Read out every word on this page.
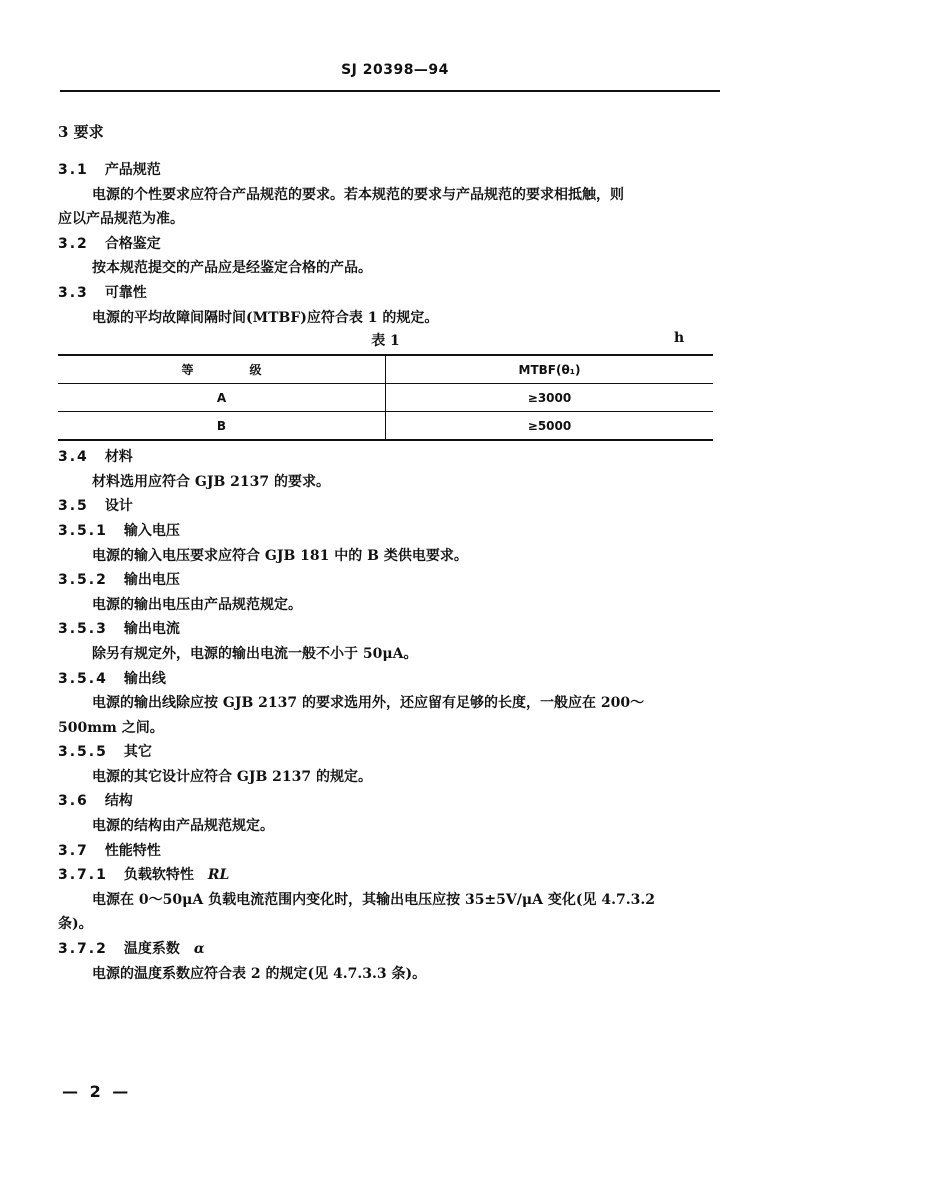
SJ 20398—94
3 要求
3.1 产品规范
电源的个性要求应符合产品规范的要求。若本规范的要求与产品规范的要求相抵触，则
应以产品规范为准。
3.2 合格鉴定
按本规范提交的产品应是经鉴定合格的产品。
3.3 可靠性
电源的平均故障间隔时间(MTBF)应符合表 1 的规定。
表 1	h
等 级	MTBF(θ₁)
A	≥3000
B	≥5000
3.4 材料
材料选用应符合 GJB 2137 的要求。
3.5 设计
3.5.1 输入电压
电源的输入电压要求应符合 GJB 181 中的 B 类供电要求。
3.5.2 输出电压
电源的输出电压由产品规范规定。
3.5.3 输出电流
除另有规定外，电源的输出电流一般不小于 50μA。
3.5.4 输出线
电源的输出线除应按 GJB 2137 的要求选用外，还应留有足够的长度，一般应在 200～
500mm 之间。
3.5.5 其它
电源的其它设计应符合 GJB 2137 的规定。
3.6 结构
电源的结构由产品规范规定。
3.7 性能特性
3.7.1 负载软特性 RL
电源在 0～50μA 负载电流范围内变化时，其输出电压应按 35±5V/μA 变化(见 4.7.3.2
条)。
3.7.2 温度系数 α
电源的温度系数应符合表 2 的规定(见 4.7.3.3 条)。
— 2 —
